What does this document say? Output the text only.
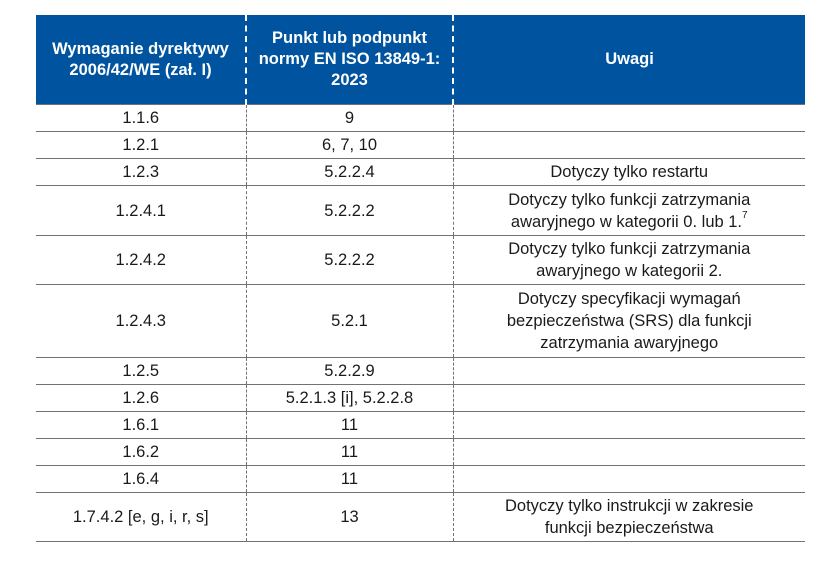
Wymaganie dyrektywy 2006/42/WE (zał. I)	Punkt lub podpunkt normy EN ISO 13849-1: 2023	Uwagi
1.1.6	9	
1.2.1	6, 7, 10	
1.2.3	5.2.2.4	Dotyczy tylko restartu
1.2.4.1	5.2.2.2	Dotyczy tylko funkcji zatrzymania
awaryjnego w kategorii 0. lub 1.$^7$
1.2.4.2	5.2.2.2	Dotyczy tylko funkcji zatrzymania
awaryjnego w kategorii 2.
1.2.4.3	5.2.1	Dotyczy specyfikacji wymagań
bezpieczeństwa (SRS) dla funkcji
zatrzymania awaryjnego
1.2.5	5.2.2.9	
1.2.6	5.2.1.3 [i], 5.2.2.8	
1.6.1	11	
1.6.2	11	
1.6.4	11	
1.7.4.2 [e, g, i, r, s]	13	Dotyczy tylko instrukcji w zakresie
funkcji bezpieczeństwa
